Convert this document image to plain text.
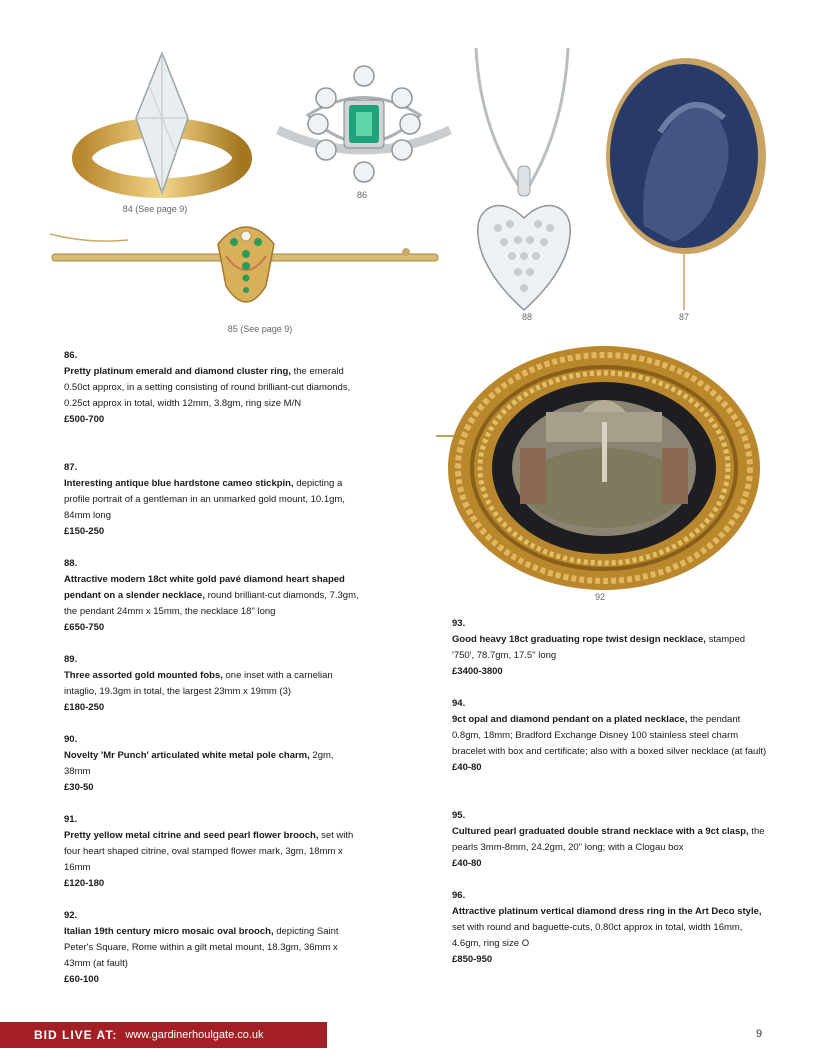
84 (See page 9)
86
88	87
85 (See page 9)
92
86.
Pretty platinum emerald and diamond cluster ring, the emerald 0.50ct approx, in a setting consisting of round brilliant-cut diamonds, 0.25ct approx in total, width 12mm, 3.8gm, ring size M/N
£500-700
87.
Interesting antique blue hardstone cameo stickpin, depicting a profile portrait of a gentleman in an unmarked gold mount, 10.1gm, 84mm long
£150-250
88.
Attractive modern 18ct white gold pavé diamond heart shaped pendant on a slender necklace, round brilliant-cut diamonds, 7.3gm, the pendant 24mm x 15mm, the necklace 18" long
£650-750
89.
Three assorted gold mounted fobs, one inset with a carnelian intaglio, 19.3gm in total, the largest 23mm x 19mm (3)
£180-250
90.
Novelty 'Mr Punch' articulated white metal pole charm, 2gm, 38mm
£30-50
91.
Pretty yellow metal citrine and seed pearl flower brooch, set with four heart shaped citrine, oval stamped flower mark, 3gm, 18mm x 16mm
£120-180
92.
Italian 19th century micro mosaic oval brooch, depicting Saint Peter's Square, Rome within a gilt metal mount, 18.3gm, 36mm x 43mm (at fault)
£60-100
93.
Good heavy 18ct graduating rope twist design necklace, stamped '750', 78.7gm, 17.5" long
£3400-3800
94.
9ct opal and diamond pendant on a plated necklace, the pendant 0.8gm, 18mm; Bradford Exchange Disney 100 stainless steel charm bracelet with box and certificate; also with a boxed silver necklace (at fault)
£40-80
95.
Cultured pearl graduated double strand necklace with a 9ct clasp, the pearls 3mm-8mm, 24.2gm, 20" long; with a Clogau box
£40-80
96.
Attractive platinum vertical diamond dress ring in the Art Deco style, set with round and baguette-cuts, 0.80ct approx in total, width 16mm, 4.6gm, ring size O
£850-950
BID LIVE AT: www.gardinerhoulgate.co.uk	9
